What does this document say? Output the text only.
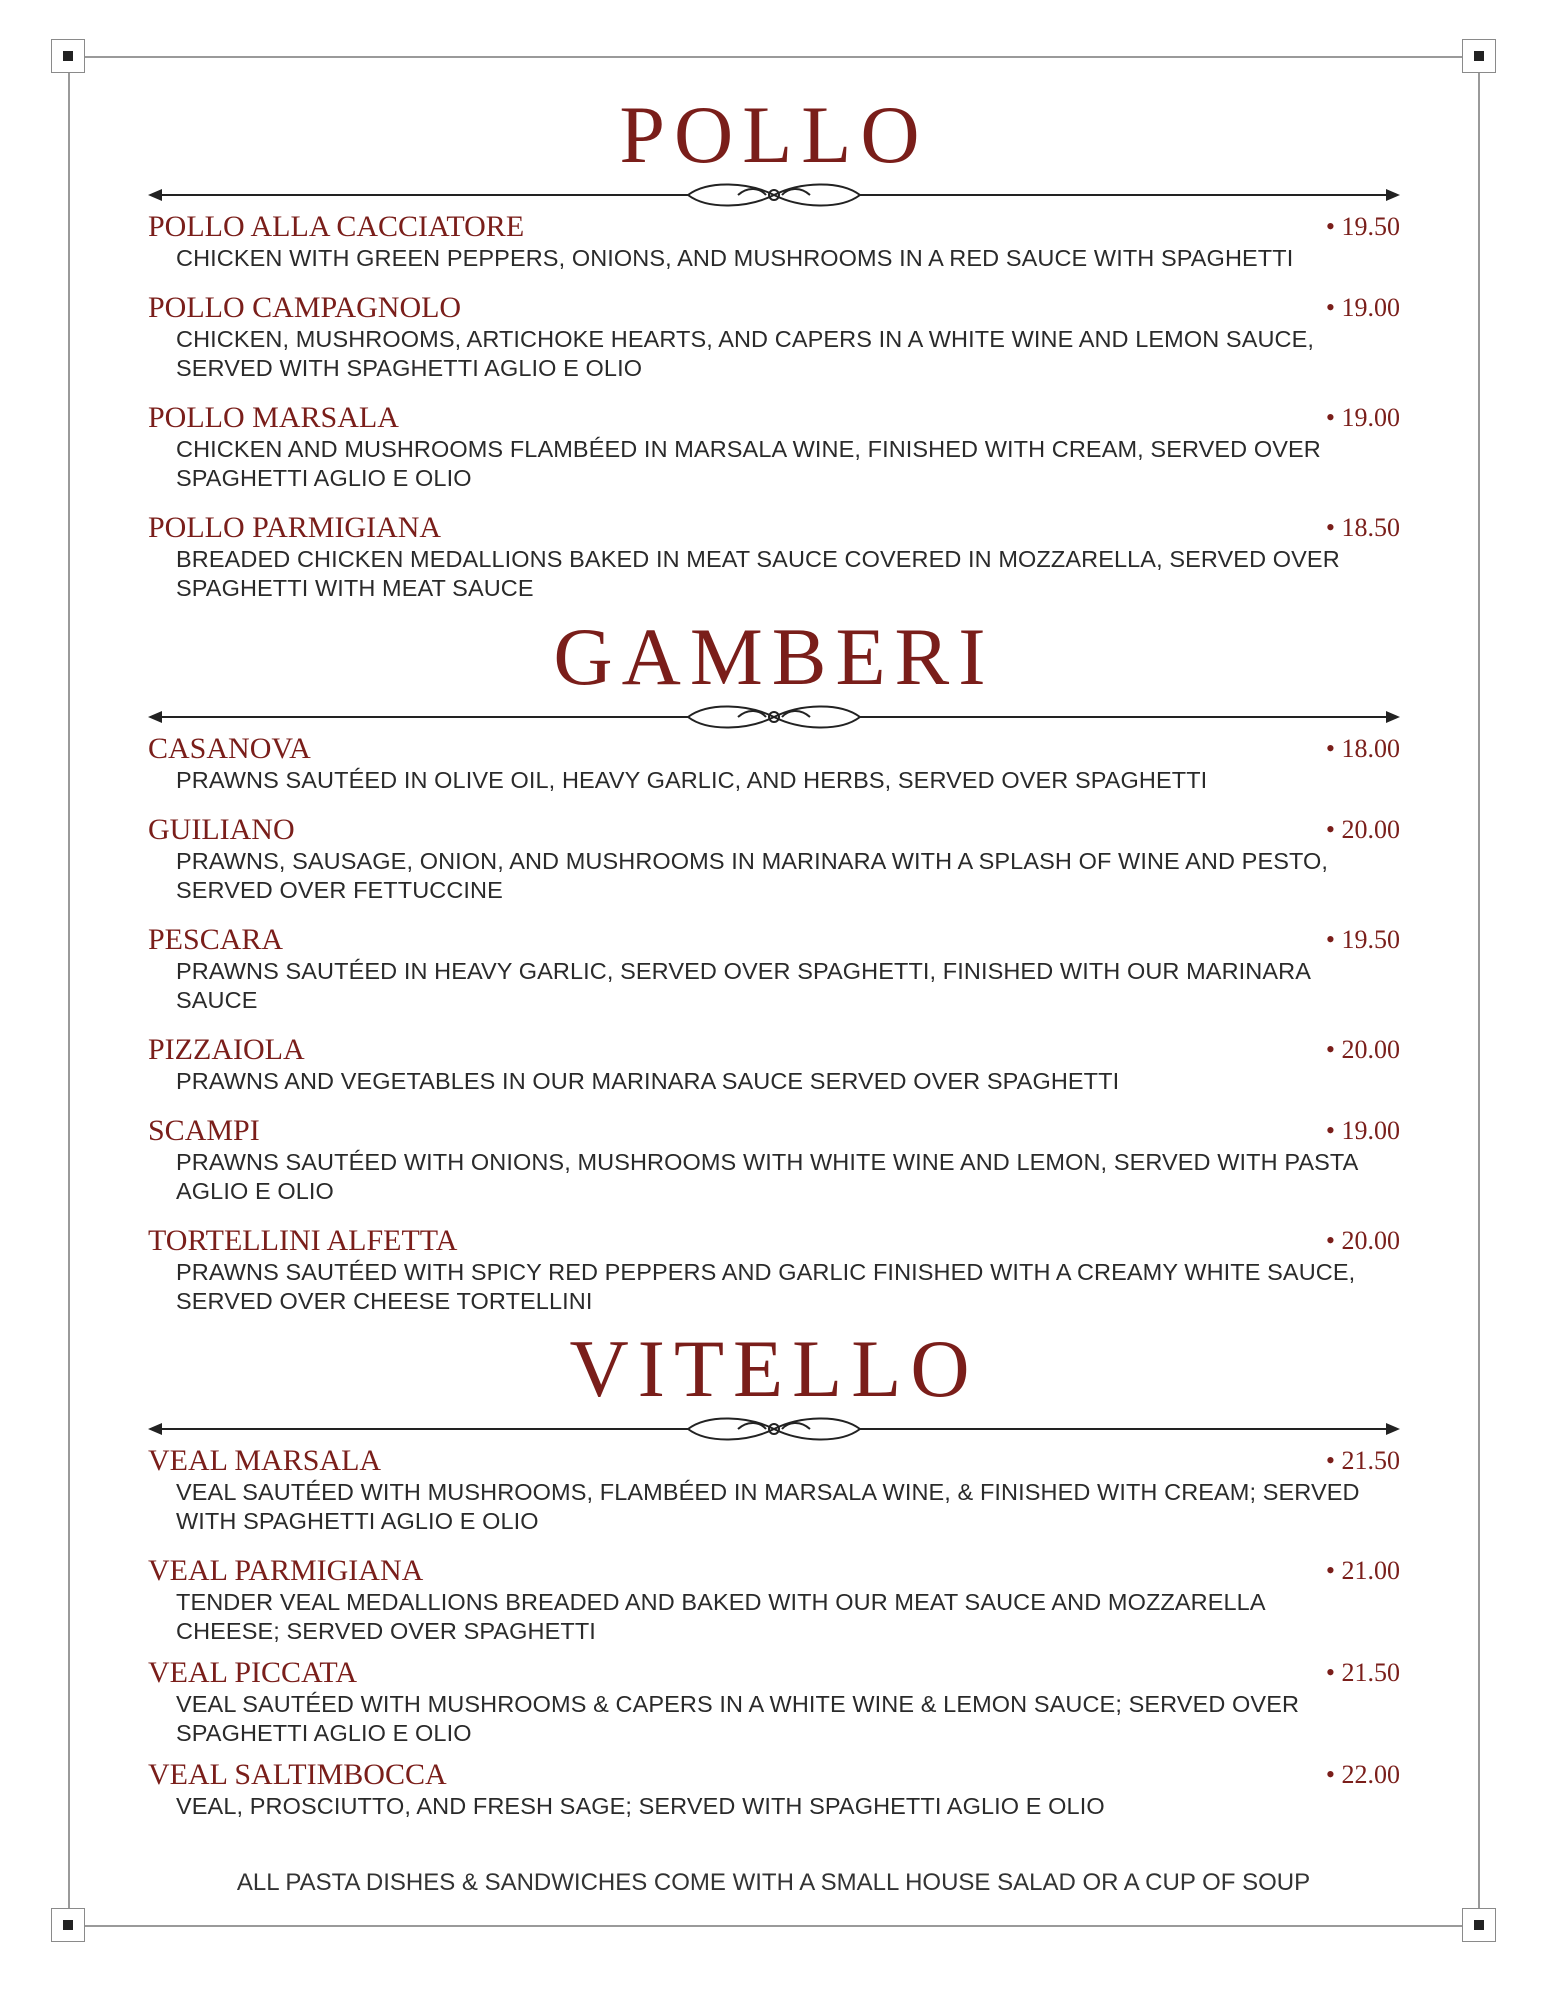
POLLO

POLLO ALLA CACCIATORE	• 19.50

CHICKEN WITH GREEN PEPPERS, ONIONS, AND MUSHROOMS IN A RED SAUCE WITH SPAGHETTI

POLLO CAMPAGNOLO	• 19.00

CHICKEN, MUSHROOMS, ARTICHOKE HEARTS, AND CAPERS IN A WHITE WINE AND LEMON SAUCE, SERVED WITH SPAGHETTI AGLIO E OLIO

POLLO MARSALA	• 19.00

CHICKEN AND MUSHROOMS FLAMBÉED IN MARSALA WINE, FINISHED WITH CREAM, SERVED OVER SPAGHETTI AGLIO E OLIO

POLLO PARMIGIANA	• 18.50

BREADED CHICKEN MEDALLIONS BAKED IN MEAT SAUCE COVERED IN MOZZARELLA, SERVED OVER SPAGHETTI WITH MEAT SAUCE

GAMBERI

CASANOVA	• 18.00

PRAWNS SAUTÉED IN OLIVE OIL, HEAVY GARLIC, AND HERBS, SERVED OVER SPAGHETTI

GUILIANO	• 20.00

PRAWNS, SAUSAGE, ONION, AND MUSHROOMS IN MARINARA WITH A SPLASH OF WINE AND PESTO, SERVED OVER FETTUCCINE

PESCARA	• 19.50

PRAWNS SAUTÉED IN HEAVY GARLIC, SERVED OVER SPAGHETTI, FINISHED WITH OUR MARINARA SAUCE

PIZZAIOLA	• 20.00

PRAWNS AND VEGETABLES IN OUR MARINARA SAUCE SERVED OVER SPAGHETTI

SCAMPI	• 19.00

PRAWNS SAUTÉED WITH ONIONS, MUSHROOMS WITH WHITE WINE AND LEMON, SERVED WITH PASTA AGLIO E OLIO

TORTELLINI ALFETTA	• 20.00

PRAWNS SAUTÉED WITH SPICY RED PEPPERS AND GARLIC FINISHED WITH A CREAMY WHITE SAUCE, SERVED OVER CHEESE TORTELLINI

VITELLO

VEAL MARSALA	• 21.50

VEAL SAUTÉED WITH MUSHROOMS, FLAMBÉED IN MARSALA WINE, & FINISHED WITH CREAM; SERVED WITH SPAGHETTI AGLIO E OLIO

VEAL PARMIGIANA	• 21.00

TENDER VEAL MEDALLIONS BREADED AND BAKED WITH OUR MEAT SAUCE AND MOZZARELLA CHEESE; SERVED OVER SPAGHETTI

VEAL PICCATA	• 21.50

VEAL SAUTÉED WITH MUSHROOMS & CAPERS IN A WHITE WINE & LEMON SAUCE; SERVED OVER SPAGHETTI AGLIO E OLIO

VEAL SALTIMBOCCA	• 22.00

VEAL, PROSCIUTTO, AND FRESH SAGE; SERVED WITH SPAGHETTI AGLIO E OLIO

ALL PASTA DISHES & SANDWICHES COME WITH A SMALL HOUSE SALAD OR A CUP OF SOUP
